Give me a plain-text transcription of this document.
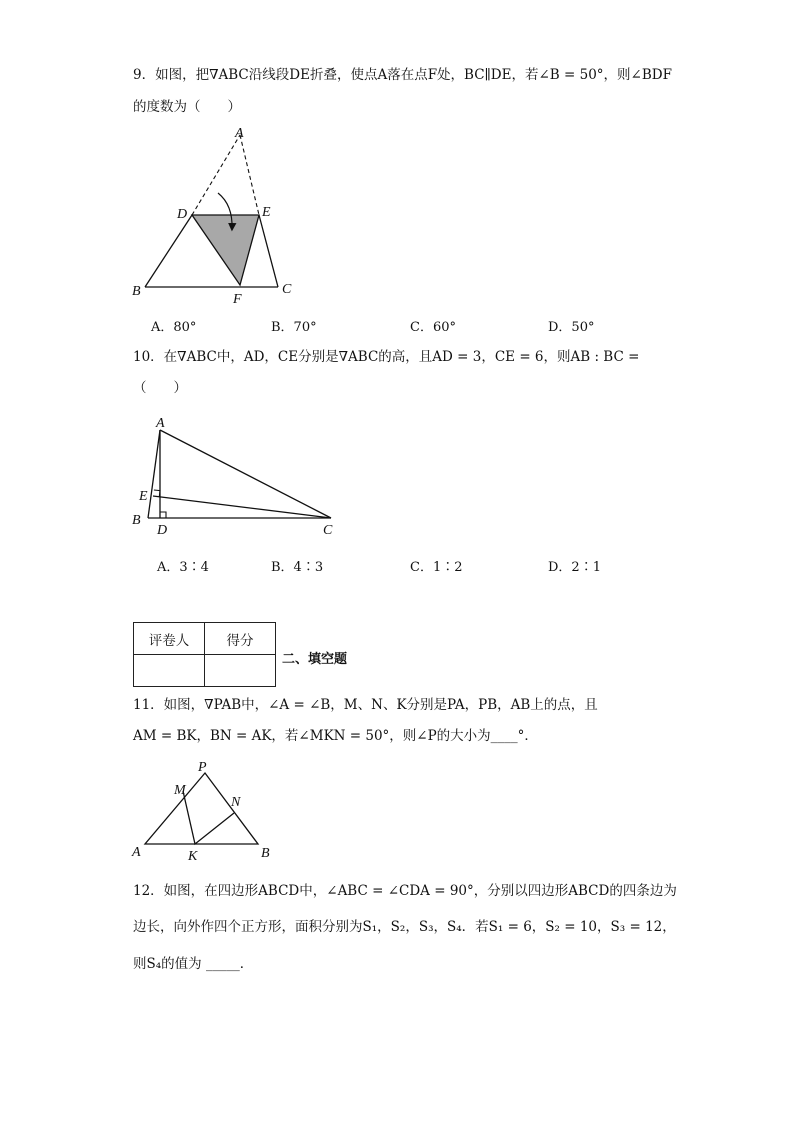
9．如图，把∇ABC沿线段DE折叠，使点A落在点F处，BC∥DE，若∠B = 50°，则∠BDF
的度数为（　　）
A
D	E
B	C
F
A．80°	B．70°	C．60°	D．50°
10．在∇ABC中，AD，CE分别是∇ABC的高，且AD = 3，CE = 6，则AB : BC =
（　　）
A
E
B
D	C
A．3∶4	B．4∶3	C．1∶2	D．2∶1
评卷人	得分

二、填空题
11．如图，∇PAB中，∠A = ∠B，M、N、K分别是PA，PB，AB上的点，且
AM = BK，BN = AK，若∠MKN = 50°，则∠P的大小为____°．
P
M
N
A	K	B
12．如图，在四边形ABCD中，∠ABC = ∠CDA = 90°，分别以四边形ABCD的四条边为
边长，向外作四个正方形，面积分别为S₁，S₂，S₃，S₄．若S₁ = 6，S₂ = 10，S₃ = 12，
则S₄的值为 _____．
